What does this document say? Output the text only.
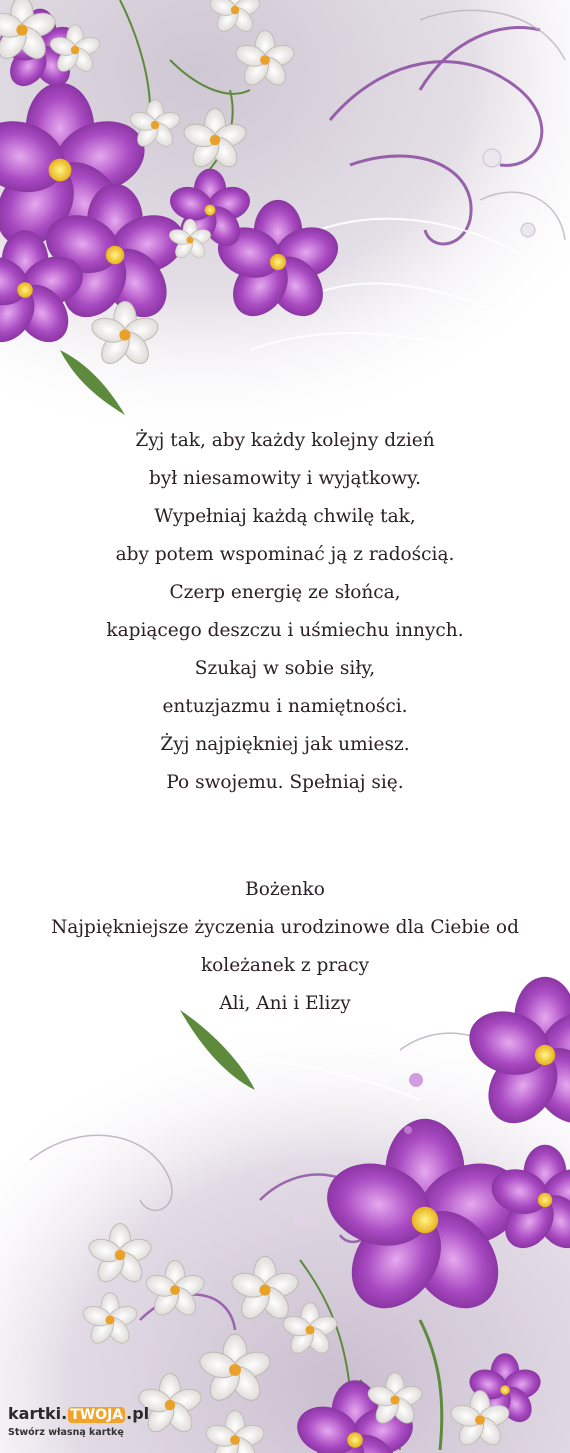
Żyj tak, aby każdy kolejny dzień

był niesamowity i wyjątkowy.

Wypełniaj każdą chwilę tak,

aby potem wspominać ją z radością.

Czerp energię ze słońca,

kapiącego deszczu i uśmiechu innych.

Szukaj w sobie siły,

entuzjazmu i namiętności.

Żyj najpiękniej jak umiesz.

Po swojemu. Spełniaj się.

Bożenko

Najpiękniejsze życzenia urodzinowe dla Ciebie od

koleżanek z pracy

Ali, Ani i Elizy

kartki. TWOJA .pl
Stwórz własną kartkę
